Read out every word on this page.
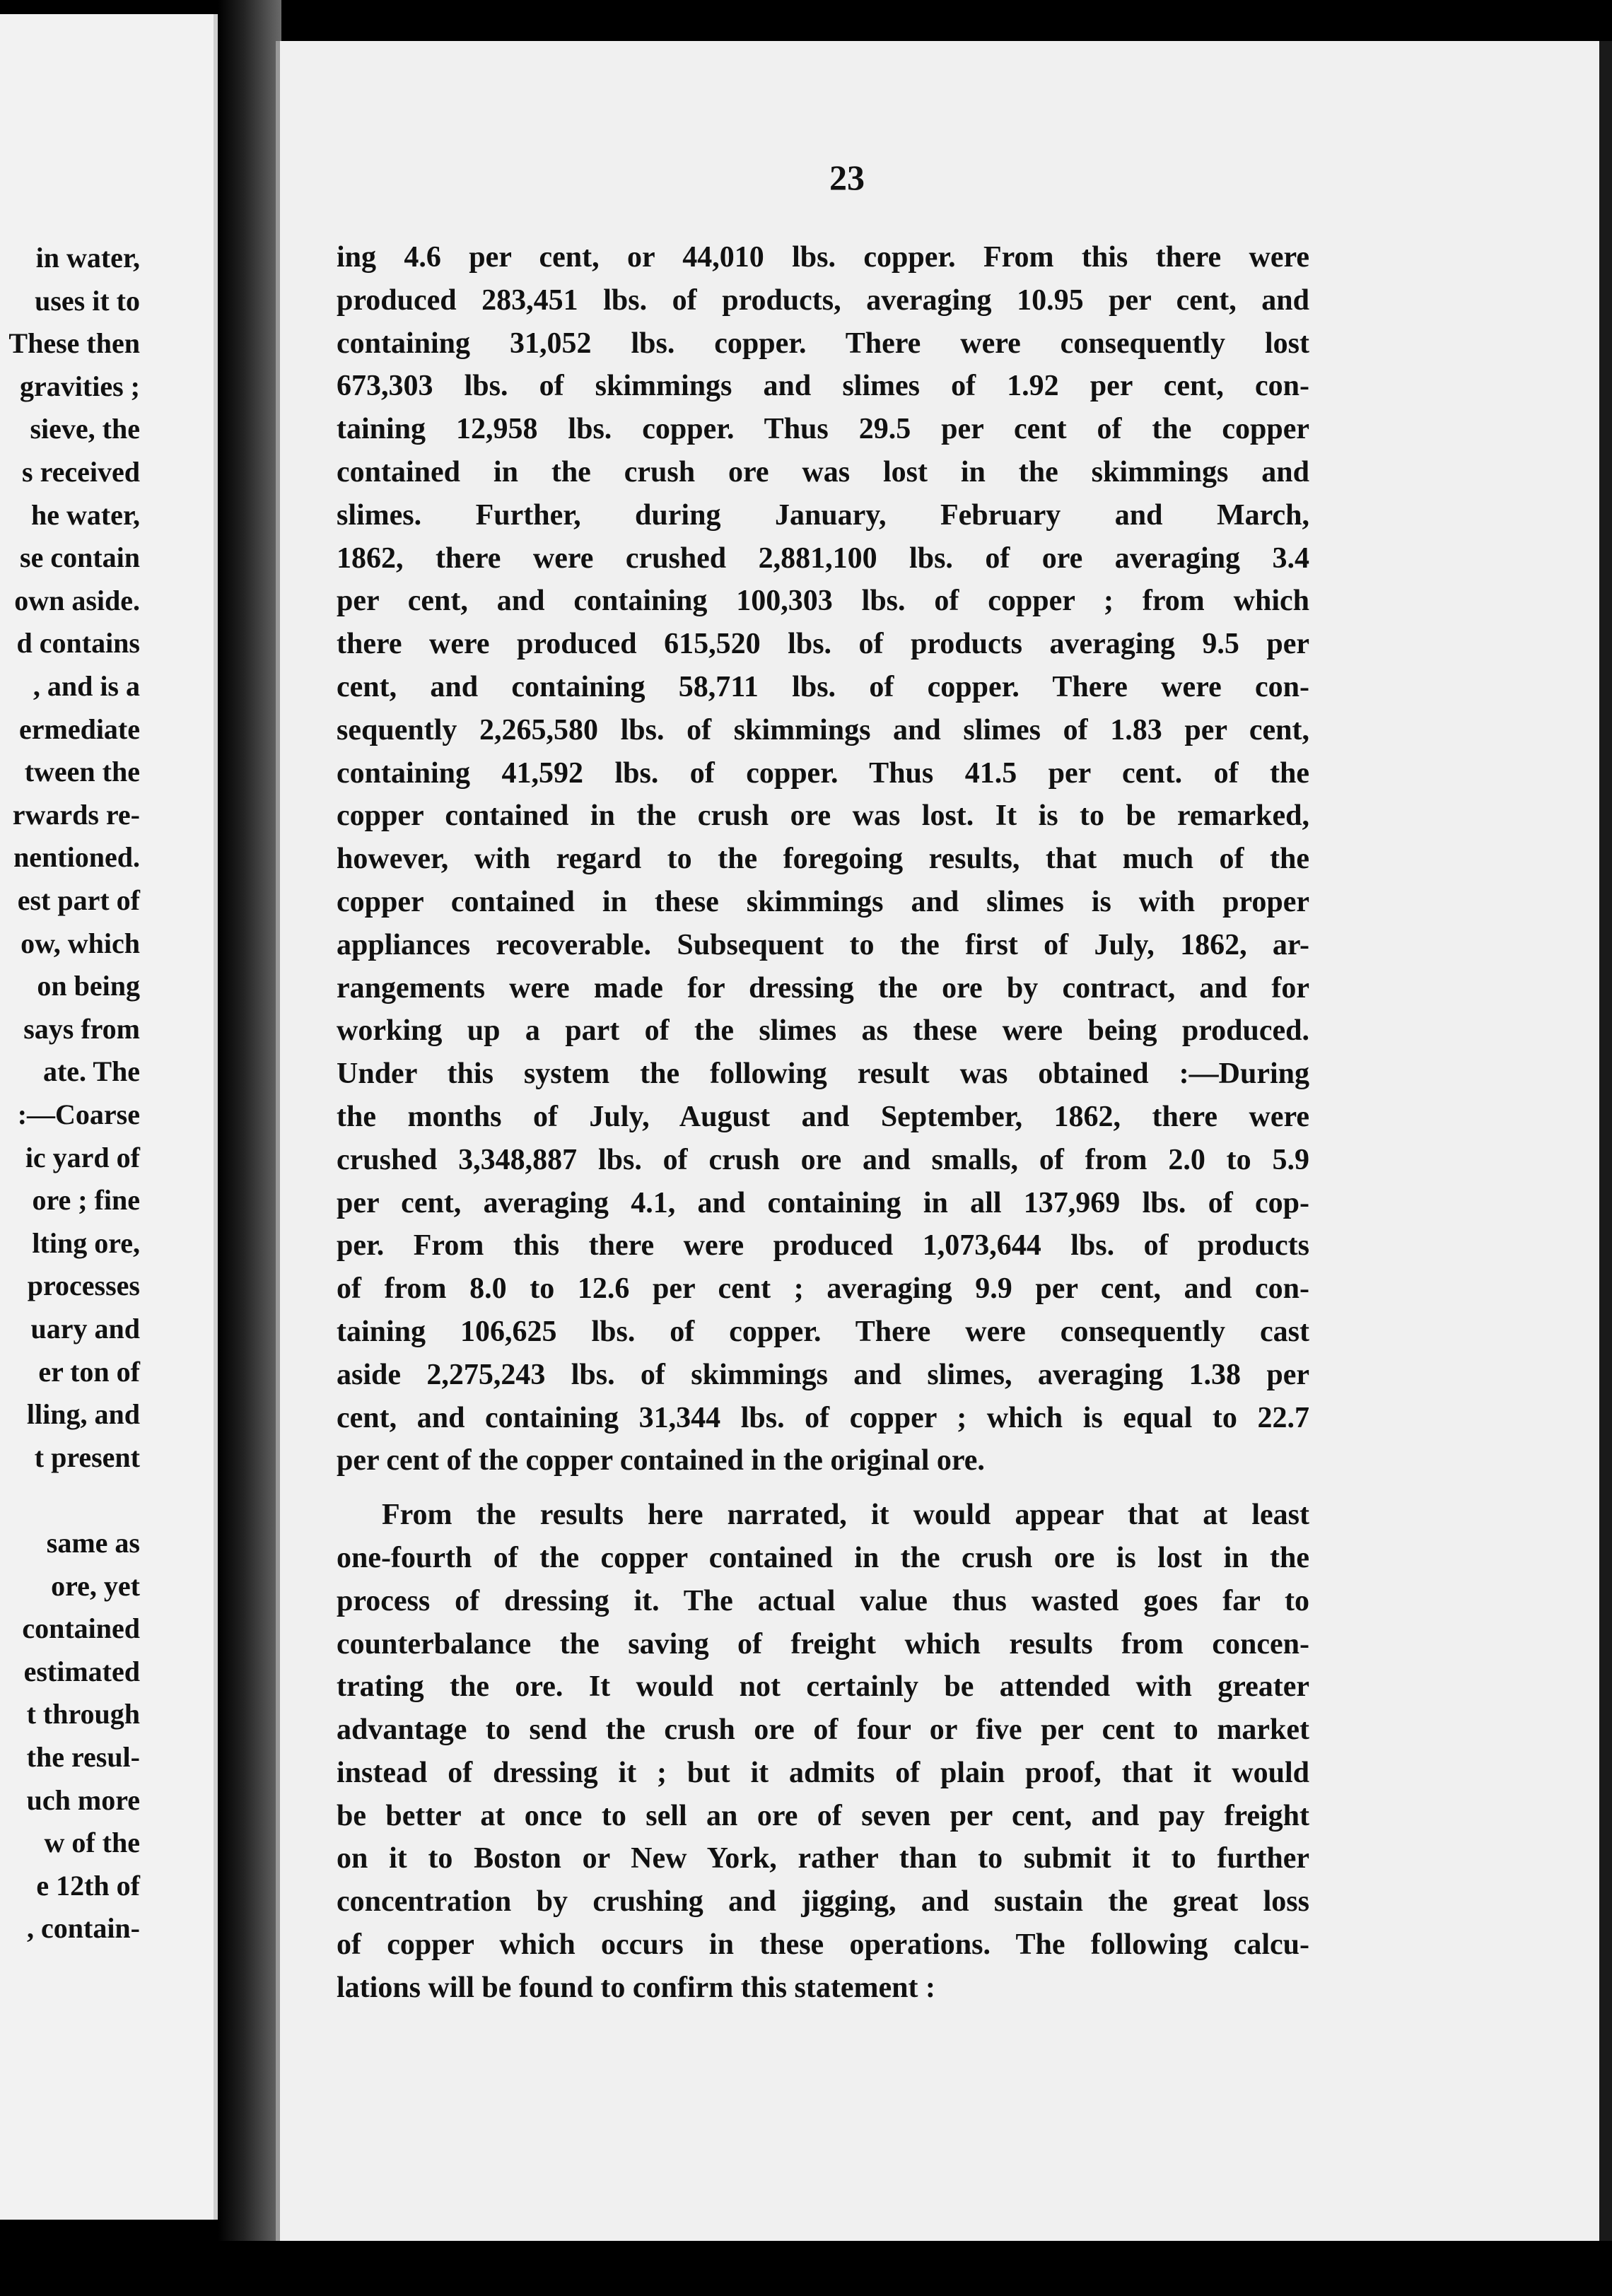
in water,
uses it to
These then
gravities ;
sieve, the
s received
he water,
se contain
own aside.
d contains
, and is a
ermediate
tween the
rwards re-
nentioned.
est part of
ow, which
on being
says from
ate. The
:—Coarse
ic yard of
ore ; fine
lting ore,
processes
uary and
er ton of
lling, and
t present
same as
ore, yet
contained
estimated
t through
the resul-
uch more
w of the
e 12th of
, contain-
23
ing 4.6 per cent, or 44,010 lbs. copper. From this there were
produced 283,451 lbs. of products, averaging 10.95 per cent, and
containing 31,052 lbs. copper. There were consequently lost
673,303 lbs. of skimmings and slimes of 1.92 per cent, con-
taining 12,958 lbs. copper. Thus 29.5 per cent of the copper
contained in the crush ore was lost in the skimmings and
slimes. Further, during January, February and March,
1862, there were crushed 2,881,100 lbs. of ore averaging 3.4
per cent, and containing 100,303 lbs. of copper ; from which
there were produced 615,520 lbs. of products averaging 9.5 per
cent, and containing 58,711 lbs. of copper. There were con-
sequently 2,265,580 lbs. of skimmings and slimes of 1.83 per cent,
containing 41,592 lbs. of copper. Thus 41.5 per cent. of the
copper contained in the crush ore was lost. It is to be remarked,
however, with regard to the foregoing results, that much of the
copper contained in these skimmings and slimes is with proper
appliances recoverable. Subsequent to the first of July, 1862, ar-
rangements were made for dressing the ore by contract, and for
working up a part of the slimes as these were being produced.
Under this system the following result was obtained :—During
the months of July, August and September, 1862, there were
crushed 3,348,887 lbs. of crush ore and smalls, of from 2.0 to 5.9
per cent, averaging 4.1, and containing in all 137,969 lbs. of cop-
per. From this there were produced 1,073,644 lbs. of products
of from 8.0 to 12.6 per cent ; averaging 9.9 per cent, and con-
taining 106,625 lbs. of copper. There were consequently cast
aside 2,275,243 lbs. of skimmings and slimes, averaging 1.38 per
cent, and containing 31,344 lbs. of copper ; which is equal to 22.7
per cent of the copper contained in the original ore.
From the results here narrated, it would appear that at least
one-fourth of the copper contained in the crush ore is lost in the
process of dressing it. The actual value thus wasted goes far to
counterbalance the saving of freight which results from concen-
trating the ore. It would not certainly be attended with greater
advantage to send the crush ore of four or five per cent to market
instead of dressing it ; but it admits of plain proof, that it would
be better at once to sell an ore of seven per cent, and pay freight
on it to Boston or New York, rather than to submit it to further
concentration by crushing and jigging, and sustain the great loss
of copper which occurs in these operations. The following calcu-
lations will be found to confirm this statement :
